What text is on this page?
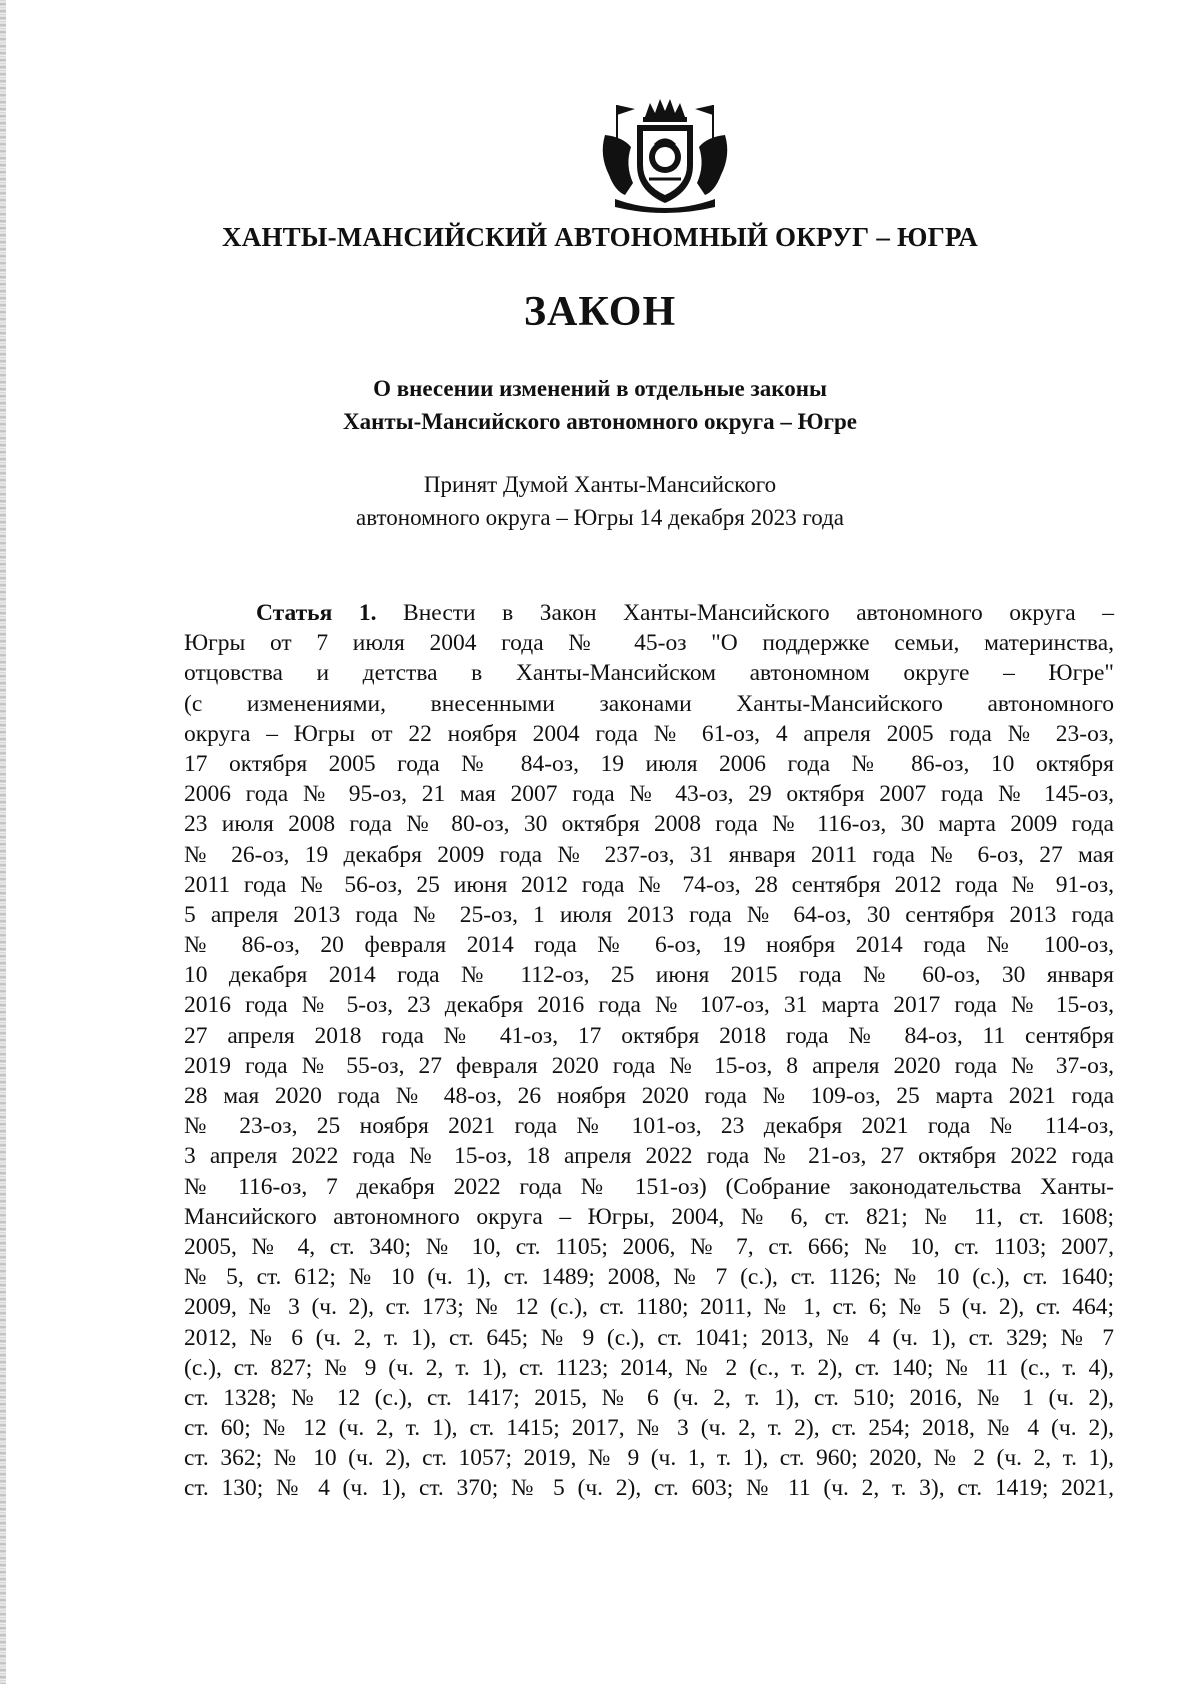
ХАНТЫ-МАНСИЙСКИЙ АВТОНОМНЫЙ ОКРУГ – ЮГРА
ЗАКОН
О внесении изменений в отдельные законы
Ханты-Мансийского автономного округа – Югре
Принят Думой Ханты-Мансийского
автономного округа – Югры 14 декабря 2023 года
Статья 1. Внести в Закон Ханты-Мансийского автономного округа –
Югры от 7 июля 2004 года № 45-оз "О поддержке семьи, материнства,
отцовства и детства в Ханты-Мансийском автономном округе – Югре"
(с изменениями, внесенными законами Ханты-Мансийского автономного
округа – Югры от 22 ноября 2004 года № 61-оз, 4 апреля 2005 года № 23-оз,
17 октября 2005 года № 84-оз, 19 июля 2006 года № 86-оз, 10 октября
2006 года № 95-оз, 21 мая 2007 года № 43-оз, 29 октября 2007 года № 145-оз,
23 июля 2008 года № 80-оз, 30 октября 2008 года № 116-оз, 30 марта 2009 года
№ 26-оз, 19 декабря 2009 года № 237-оз, 31 января 2011 года № 6-оз, 27 мая
2011 года № 56-оз, 25 июня 2012 года № 74-оз, 28 сентября 2012 года № 91-оз,
5 апреля 2013 года № 25-оз, 1 июля 2013 года № 64-оз, 30 сентября 2013 года
№ 86-оз, 20 февраля 2014 года № 6-оз, 19 ноября 2014 года № 100-оз,
10 декабря 2014 года № 112-оз, 25 июня 2015 года № 60-оз, 30 января
2016 года № 5-оз, 23 декабря 2016 года № 107-оз, 31 марта 2017 года № 15-оз,
27 апреля 2018 года № 41-оз, 17 октября 2018 года № 84-оз, 11 сентября
2019 года № 55-оз, 27 февраля 2020 года № 15-оз, 8 апреля 2020 года № 37-оз,
28 мая 2020 года № 48-оз, 26 ноября 2020 года № 109-оз, 25 марта 2021 года
№ 23-оз, 25 ноября 2021 года № 101-оз, 23 декабря 2021 года № 114-оз,
3 апреля 2022 года № 15-оз, 18 апреля 2022 года № 21-оз, 27 октября 2022 года
№ 116-оз, 7 декабря 2022 года № 151-оз) (Собрание законодательства Ханты-
Мансийского автономного округа – Югры, 2004, № 6, ст. 821; № 11, ст. 1608;
2005, № 4, ст. 340; № 10, ст. 1105; 2006, № 7, ст. 666; № 10, ст. 1103; 2007,
№ 5, ст. 612; № 10 (ч. 1), ст. 1489; 2008, № 7 (с.), ст. 1126; № 10 (с.), ст. 1640;
2009, № 3 (ч. 2), ст. 173; № 12 (с.), ст. 1180; 2011, № 1, ст. 6; № 5 (ч. 2), ст. 464;
2012, № 6 (ч. 2, т. 1), ст. 645; № 9 (с.), ст. 1041; 2013, № 4 (ч. 1), ст. 329; № 7
(с.), ст. 827; № 9 (ч. 2, т. 1), ст. 1123; 2014, № 2 (с., т. 2), ст. 140; № 11 (с., т. 4),
ст. 1328; № 12 (с.), ст. 1417; 2015, № 6 (ч. 2, т. 1), ст. 510; 2016, № 1 (ч. 2),
ст. 60; № 12 (ч. 2, т. 1), ст. 1415; 2017, № 3 (ч. 2, т. 2), ст. 254; 2018, № 4 (ч. 2),
ст. 362; № 10 (ч. 2), ст. 1057; 2019, № 9 (ч. 1, т. 1), ст. 960; 2020, № 2 (ч. 2, т. 1),
ст. 130; № 4 (ч. 1), ст. 370; № 5 (ч. 2), ст. 603; № 11 (ч. 2, т. 3), ст. 1419; 2021,
